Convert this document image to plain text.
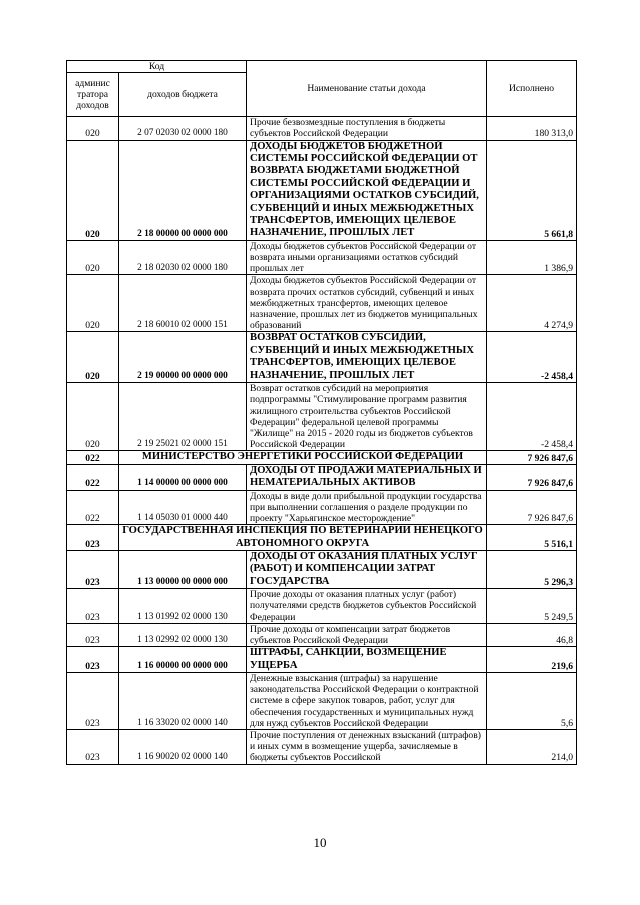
Код		Наименование статьи дохода	Исполнено
админис тратора доходов	доходов бюджета		
020	2 07 02030 02 0000 180	Прочие безвозмездные поступления в бюджеты субъектов Российской Федерации	180 313,0
020	2 18 00000 00 0000 000	ДОХОДЫ БЮДЖЕТОВ БЮДЖЕТНОЙ СИСТЕМЫ РОССИЙСКОЙ ФЕДЕРАЦИИ ОТ ВОЗВРАТА БЮДЖЕТАМИ БЮДЖЕТНОЙ СИСТЕМЫ РОССИЙСКОЙ ФЕДЕРАЦИИ И ОРГАНИЗАЦИЯМИ ОСТАТКОВ СУБСИДИЙ, СУБВЕНЦИЙ И ИНЫХ МЕЖБЮДЖЕТНЫХ ТРАНСФЕРТОВ, ИМЕЮЩИХ ЦЕЛЕВОЕ НАЗНАЧЕНИЕ, ПРОШЛЫХ ЛЕТ	5 661,8
020	2 18 02030 02 0000 180	Доходы бюджетов субъектов Российской Федерации от возврата иными организациями остатков субсидий прошлых лет	1 386,9
020	2 18 60010 02 0000 151	Доходы бюджетов субъектов Российской Федерации от возврата прочих остатков субсидий, субвенций и иных межбюджетных трансфертов, имеющих целевое назначение, прошлых лет из бюджетов муниципальных образований	4 274,9
020	2 19 00000 00 0000 000	ВОЗВРАТ ОСТАТКОВ СУБСИДИЙ, СУБВЕНЦИЙ И ИНЫХ МЕЖБЮДЖЕТНЫХ ТРАНСФЕРТОВ, ИМЕЮЩИХ ЦЕЛЕВОЕ НАЗНАЧЕНИЕ, ПРОШЛЫХ ЛЕТ	-2 458,4
020	2 19 25021 02 0000 151	Возврат остатков субсидий на мероприятия подпрограммы "Стимулирование программ развития жилищного строительства субъектов Российской Федерации" федеральной целевой программы "Жилище" на 2015 - 2020 годы из бюджетов субъектов Российской Федерации	-2 458,4
022	МИНИСТЕРСТВО ЭНЕРГЕТИКИ РОССИЙСКОЙ ФЕДЕРАЦИИ		7 926 847,6
022	1 14 00000 00 0000 000	ДОХОДЫ ОТ ПРОДАЖИ МАТЕРИАЛЬНЫХ И НЕМАТЕРИАЛЬНЫХ АКТИВОВ	7 926 847,6
022	1 14 05030 01 0000 440	Доходы в виде доли прибыльной продукции государства при выполнении соглашения о разделе продукции по проекту "Харьягинское месторождение"	7 926 847,6
023	ГОСУДАРСТВЕННАЯ ИНСПЕКЦИЯ ПО ВЕТЕРИНАРИИ НЕНЕЦКОГО АВТОНОМНОГО ОКРУГА		5 516,1
023	1 13 00000 00 0000 000	ДОХОДЫ ОТ ОКАЗАНИЯ ПЛАТНЫХ УСЛУГ (РАБОТ) И КОМПЕНСАЦИИ ЗАТРАТ ГОСУДАРСТВА	5 296,3
023	1 13 01992 02 0000 130	Прочие доходы от оказания платных услуг (работ) получателями средств бюджетов субъектов Российской Федерации	5 249,5
023	1 13 02992 02 0000 130	Прочие доходы от компенсации затрат бюджетов субъектов Российской Федерации	46,8
023	1 16 00000 00 0000 000	ШТРАФЫ, САНКЦИИ, ВОЗМЕЩЕНИЕ УЩЕРБА	219,6
023	1 16 33020 02 0000 140	Денежные взыскания (штрафы) за нарушение законодательства Российской Федерации о контрактной системе в сфере закупок товаров, работ, услуг для обеспечения государственных и муниципальных нужд для нужд субъектов Российской Федерации	5,6
023	1 16 90020 02 0000 140	Прочие поступления от денежных взысканий (штрафов) и иных сумм в возмещение ущерба, зачисляемые в бюджеты субъектов Российской	214,0
10
